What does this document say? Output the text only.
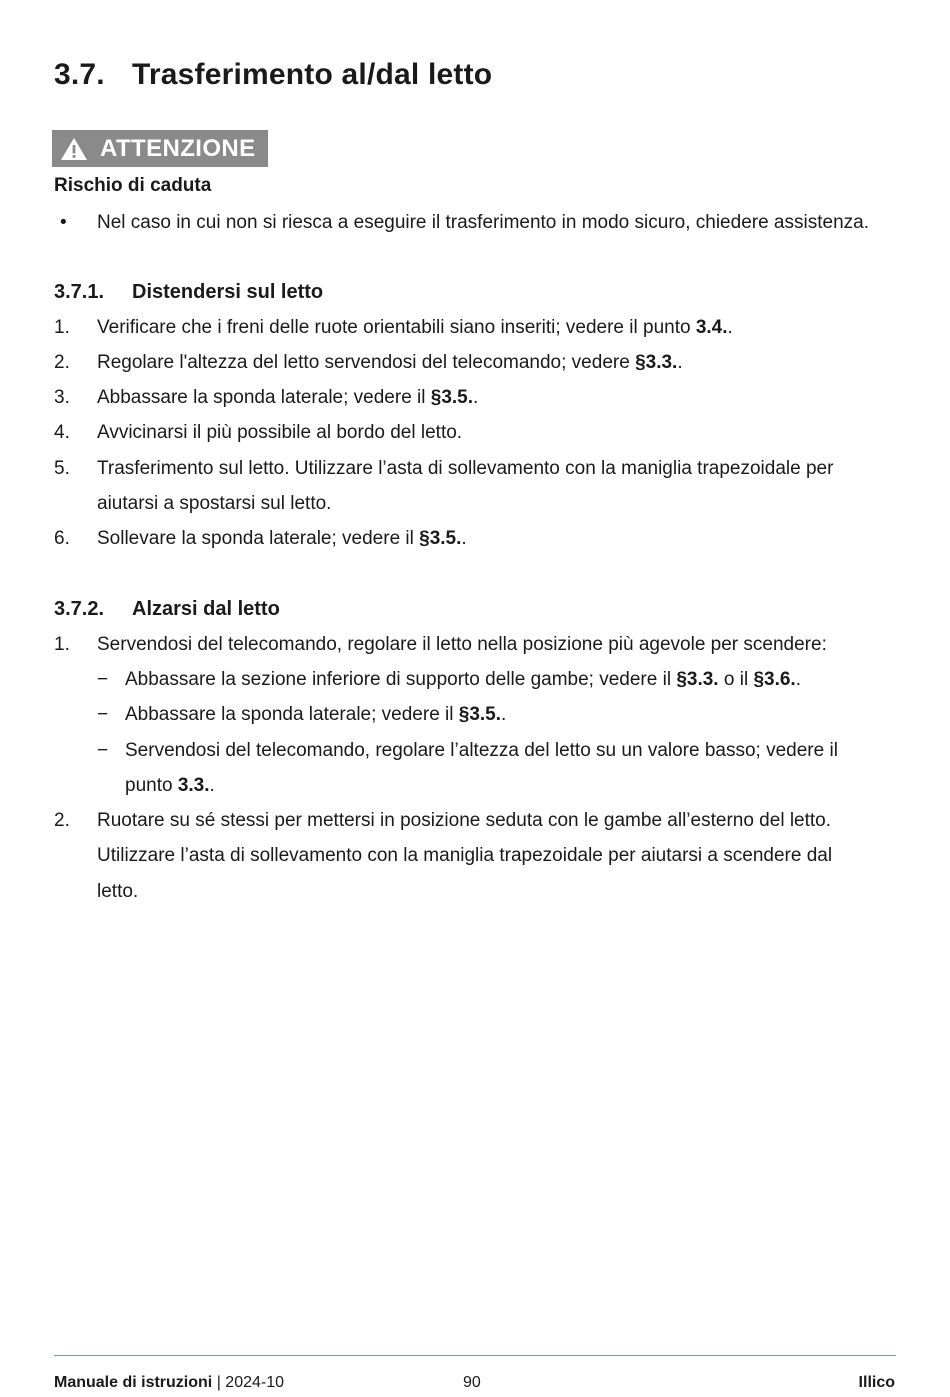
3.7. Trasferimento al/dal letto
ATTENZIONE
Rischio di caduta
•	Nel caso in cui non si riesca a eseguire il trasferimento in modo sicuro, chiedere assistenza.
3.7.1. Distendersi sul letto
1.	Verificare che i freni delle ruote orientabili siano inseriti; vedere il punto 3.4..
2.	Regolare l'altezza del letto servendosi del telecomando; vedere §3.3..
3.	Abbassare la sponda laterale; vedere il §3.5..
4.	Avvicinarsi il più possibile al bordo del letto.
5.	Trasferimento sul letto. Utilizzare l’asta di sollevamento con la maniglia trapezoidale per
aiutarsi a spostarsi sul letto.
6.	Sollevare la sponda laterale; vedere il §3.5..
3.7.2. Alzarsi dal letto
1.	Servendosi del telecomando, regolare il letto nella posizione più agevole per scendere:
− Abbassare la sezione inferiore di supporto delle gambe; vedere il §3.3. o il §3.6..
− Abbassare la sponda laterale; vedere il §3.5..
− Servendosi del telecomando, regolare l’altezza del letto su un valore basso; vedere il
punto 3.3..
2.	Ruotare su sé stessi per mettersi in posizione seduta con le gambe all’esterno del letto.
Utilizzare l’asta di sollevamento con la maniglia trapezoidale per aiutarsi a scendere dal
letto.
Manuale di istruzioni | 2024-10	90	Illico
